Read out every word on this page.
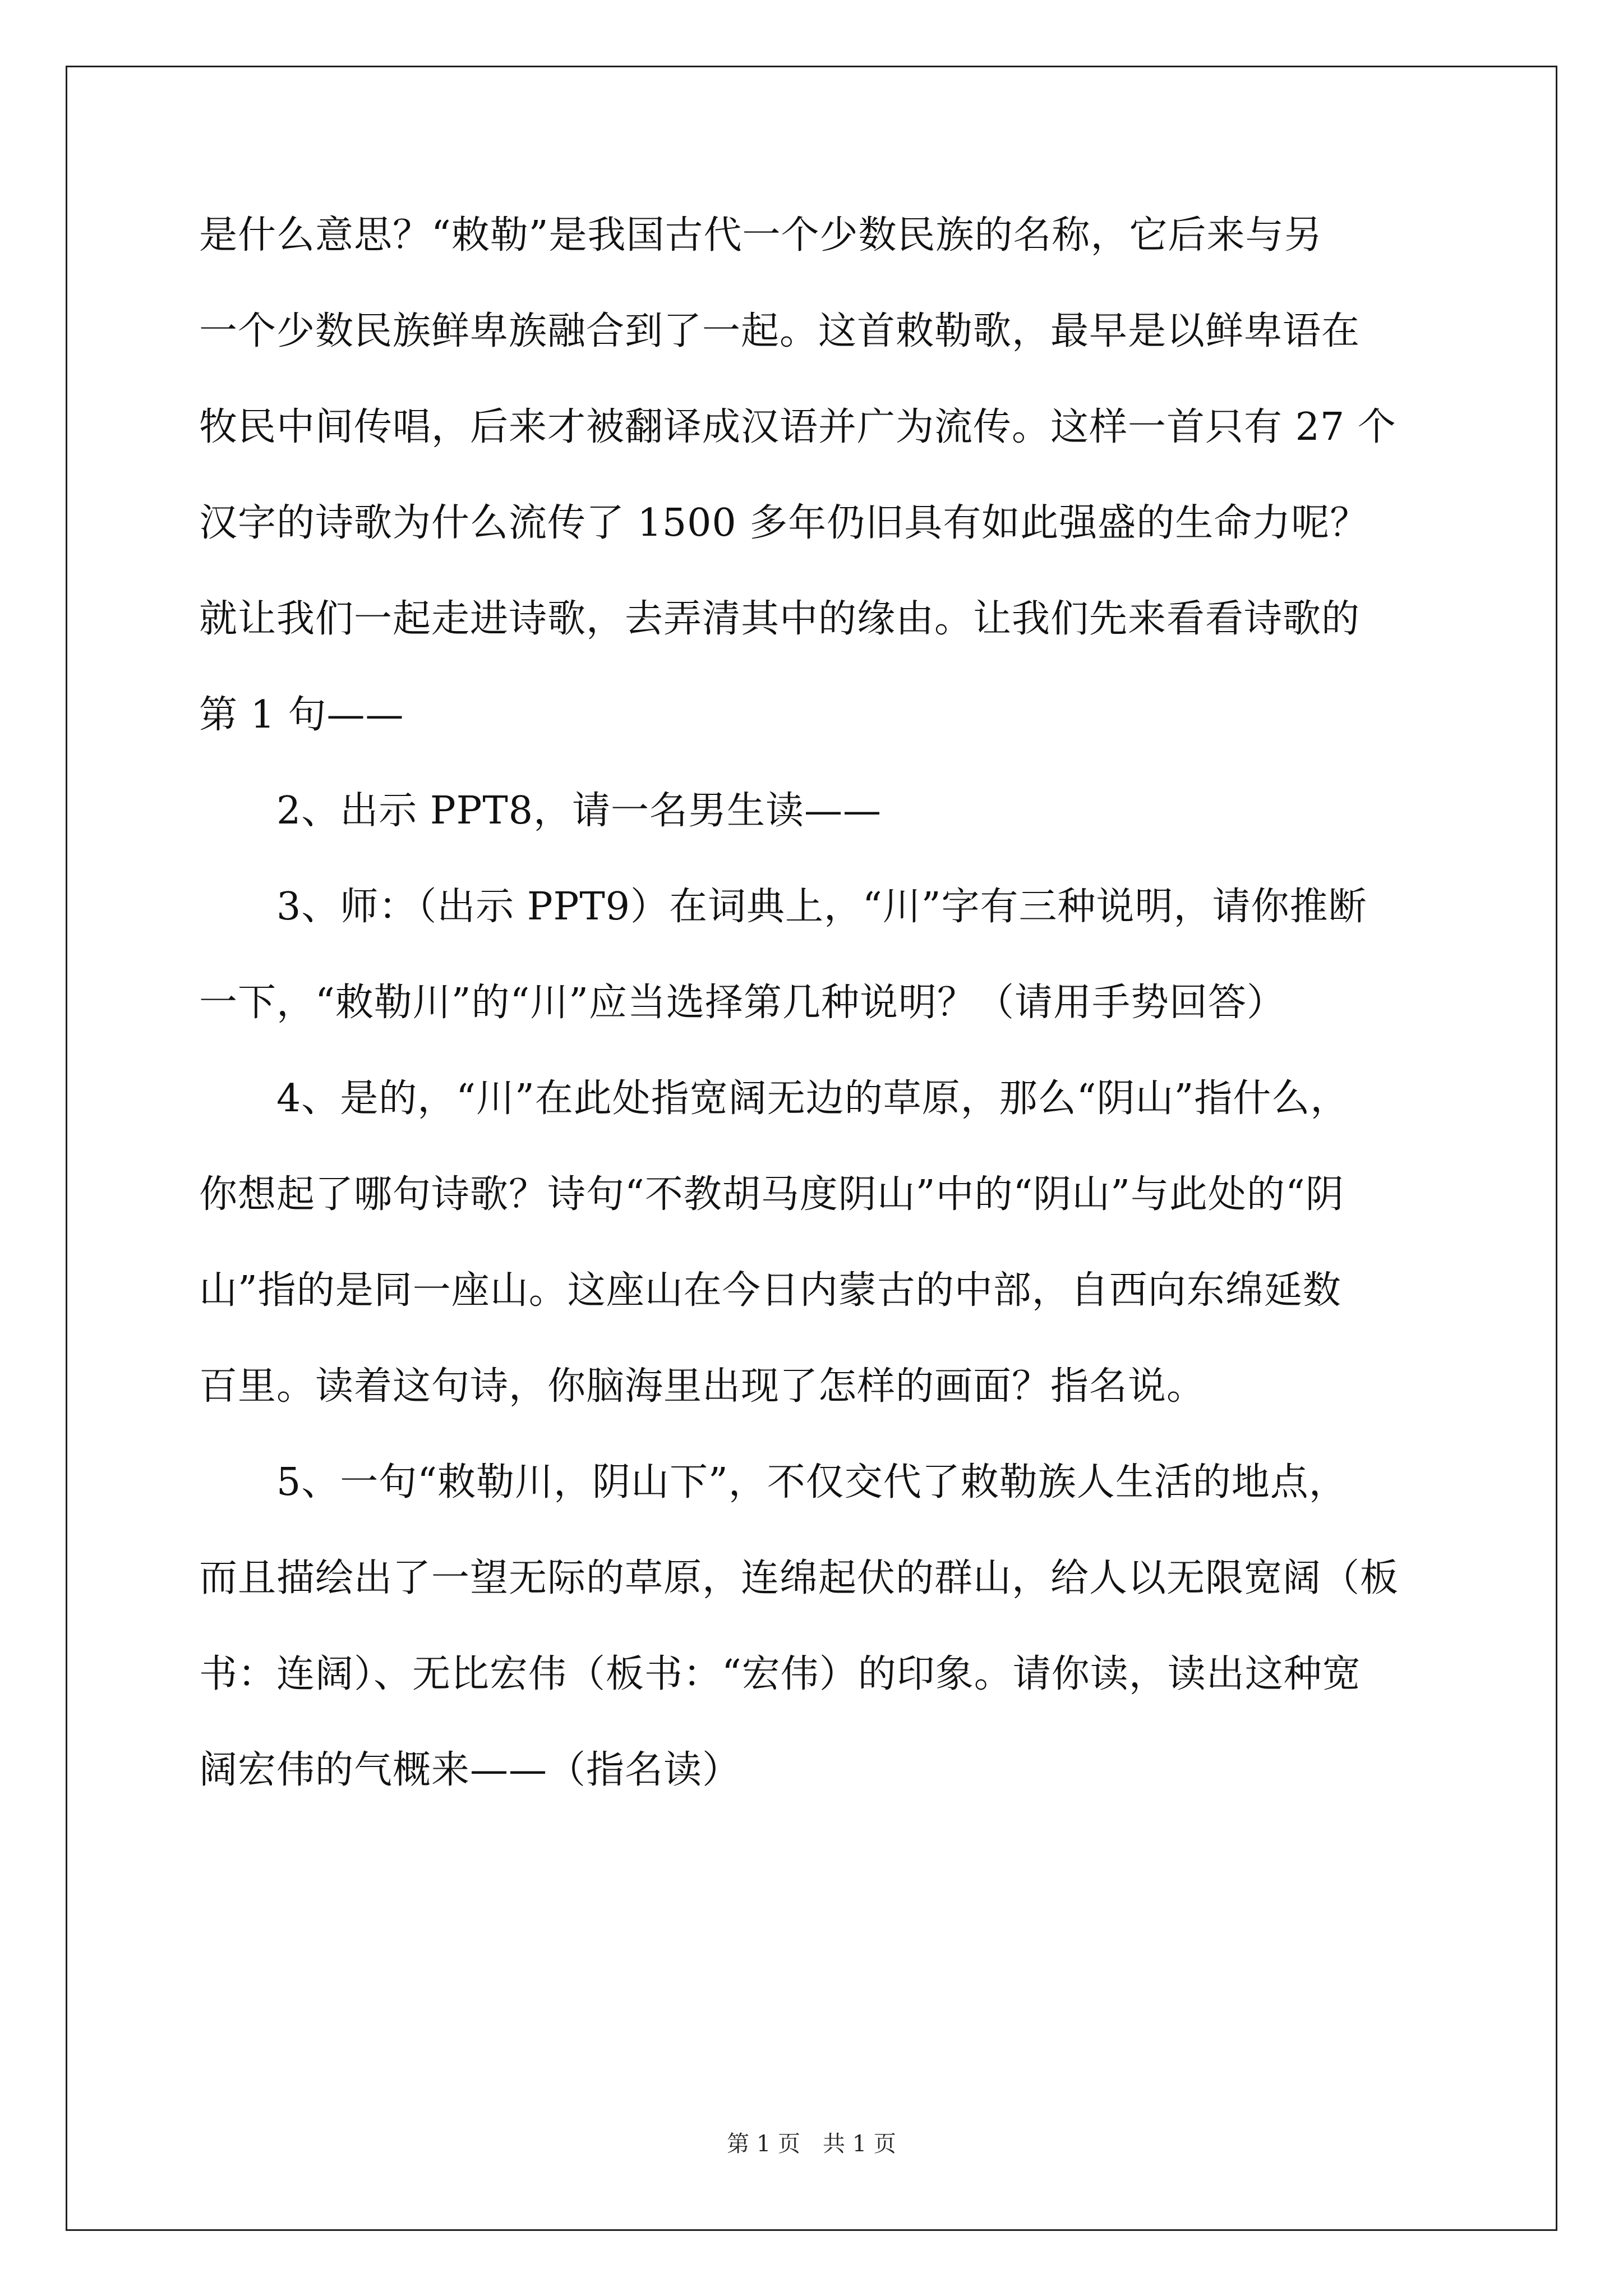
是什么意思？“敕勒”是我国古代一个少数民族的名称，它后来与另
一个少数民族鲜卑族融合到了一起。这首敕勒歌，最早是以鲜卑语在
牧民中间传唱，后来才被翻译成汉语并广为流传。这样一首只有 27 个
汉字的诗歌为什么流传了 1500 多年仍旧具有如此强盛的生命力呢？
就让我们一起走进诗歌，去弄清其中的缘由。让我们先来看看诗歌的
第 1 句——
2、出示 PPT8，请一名男生读——
3、师：（出示 PPT9）在词典上，“川”字有三种说明，请你推断
一下，“敕勒川”的“川”应当选择第几种说明？（请用手势回答）
4、是的，“川”在此处指宽阔无边的草原，那么“阴山”指什么，
你想起了哪句诗歌？诗句“不教胡马度阴山”中的“阴山”与此处的“阴
山”指的是同一座山。这座山在今日内蒙古的中部，自西向东绵延数
百里。读着这句诗，你脑海里出现了怎样的画面？指名说。
5、一句“敕勒川，阴山下”，不仅交代了敕勒族人生活的地点，
而且描绘出了一望无际的草原，连绵起伏的群山，给人以无限宽阔（板
书：连阔）、无比宏伟（板书：“宏伟）的印象。请你读，读出这种宽
阔宏伟的气概来——（指名读）
第 1 页　共 1 页
